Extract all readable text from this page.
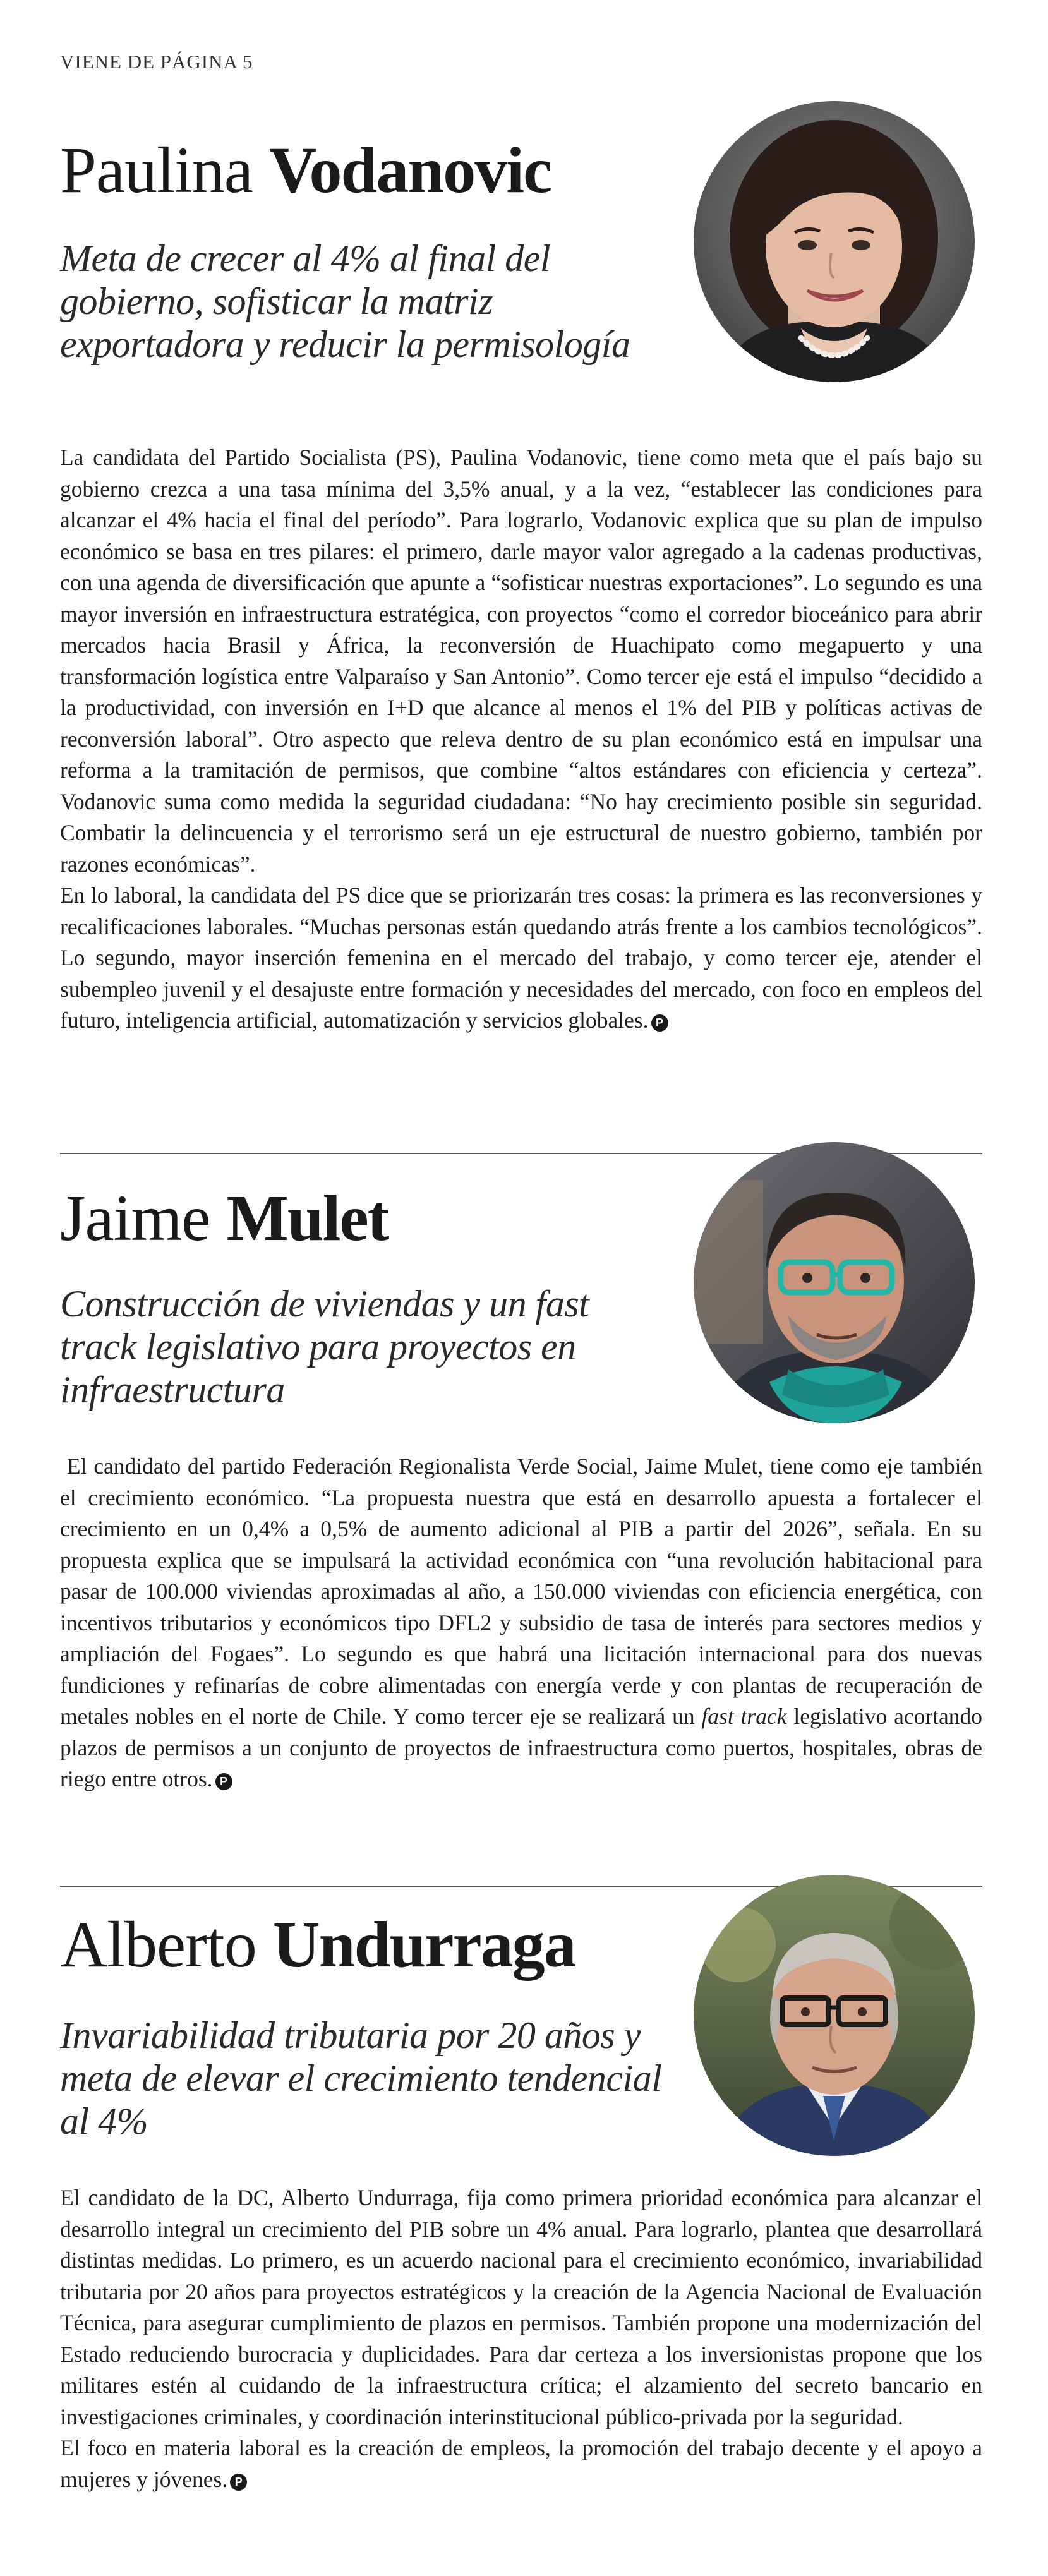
VIENE DE PÁGINA 5
Paulina Vodanovic
Meta de crecer al 4% al final del gobierno, sofisticar la matriz exportadora y reducir la permisología

La candidata del Partido Socialista (PS), Paulina Vodanovic, tiene como meta que el país bajo su gobierno crezca a una tasa mínima del 3,5% anual, y a la vez, “establecer las condiciones para alcanzar el 4% hacia el final del período”. Para lograrlo, Vodanovic explica que su plan de impulso económico se basa en tres pilares: el primero, darle mayor valor agregado a la cadenas productivas, con una agenda de diversificación que apunte a “sofisticar nuestras exportaciones”. Lo segundo es una mayor inversión en infraestructura estratégica, con proyectos “como el corredor bioceánico para abrir mercados hacia Brasil y África, la reconversión de Huachipato como megapuerto y una transformación logística entre Valparaíso y San Antonio”. Como tercer eje está el impulso “decidido a la productividad, con inversión en I+D que alcance al menos el 1% del PIB y políticas activas de reconversión laboral”. Otro aspecto que releva dentro de su plan económico está en impulsar una reforma a la tramitación de permisos, que combine “altos estándares con eficiencia y certeza”. Vodanovic suma como medida la seguridad ciudadana: “No hay crecimiento posible sin seguridad. Combatir la delincuencia y el terrorismo será un eje estructural de nuestro gobierno, también por razones económicas”.

En lo laboral, la candidata del PS dice que se priorizarán tres cosas: la primera es las reconversiones y recalificaciones laborales. “Muchas personas están quedando atrás frente a los cambios tecnológicos”. Lo segundo, mayor inserción femenina en el mercado del trabajo, y como tercer eje, atender el subempleo juvenil y el desajuste entre formación y necesidades del mercado, con foco en empleos del futuro, inteligencia artificial, automatización y servicios globales. P

Jaime Mulet
Construcción de viviendas y un fast track legislativo para proyectos en infraestructura

El candidato del partido Federación Regionalista Verde Social, Jaime Mulet, tiene como eje también el crecimiento económico. “La propuesta nuestra que está en desarrollo apuesta a fortalecer el crecimiento en un 0,4% a 0,5% de aumento adicional al PIB a partir del 2026”, señala. En su propuesta explica que se impulsará la actividad económica con “una revolución habitacional para pasar de 100.000 viviendas aproximadas al año, a 150.000 viviendas con eficiencia energética, con incentivos tributarios y económicos tipo DFL2 y subsidio de tasa de interés para sectores medios y ampliación del Fogaes”. Lo segundo es que habrá una licitación internacional para dos nuevas fundiciones y refinarías de cobre alimentadas con energía verde y con plantas de recuperación de metales nobles en el norte de Chile. Y como tercer eje se realizará un fast track legislativo acortando plazos de permisos a un conjunto de proyectos de infraestructura como puertos, hospitales, obras de riego entre otros. P

Alberto Undurraga
Invariabilidad tributaria por 20 años y meta de elevar el crecimiento tendencial al 4%

El candidato de la DC, Alberto Undurraga, fija como primera prioridad económica para alcanzar el desarrollo integral un crecimiento del PIB sobre un 4% anual. Para lograrlo, plantea que desarrollará distintas medidas. Lo primero, es un acuerdo nacional para el crecimiento económico, invariabilidad tributaria por 20 años para proyectos estratégicos y la creación de la Agencia Nacional de Evaluación Técnica, para asegurar cumplimiento de plazos en permisos. También propone una modernización del Estado reduciendo burocracia y duplicidades. Para dar certeza a los inversionistas propone que los militares estén al cuidando de la infraestructura crítica; el alzamiento del secreto bancario en investigaciones criminales, y coordinación interinstitucional público-privada por la seguridad.

El foco en materia laboral es la creación de empleos, la promoción del trabajo decente y el apoyo a mujeres y jóvenes. P
